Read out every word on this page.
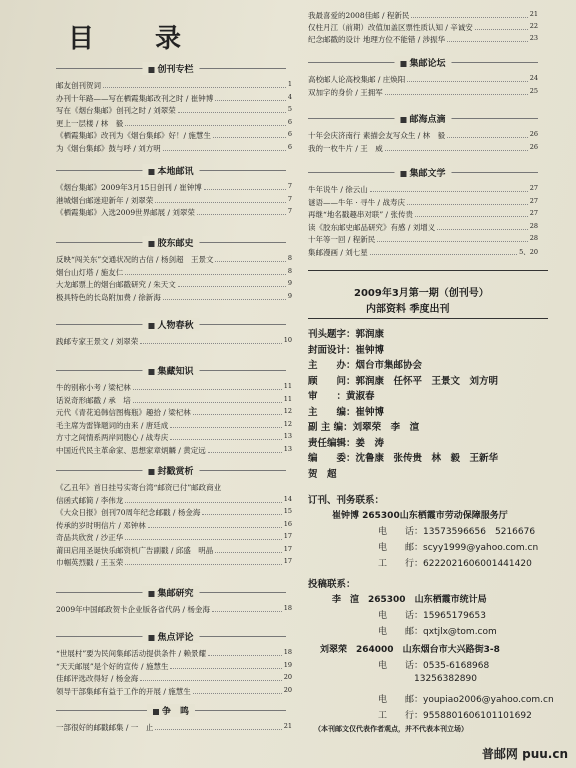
目 录
创刊专栏
邮友创刊贺词	1
办刊十年路——写在栖霞集邮改刊之时 / 崔钟博	4
写在《烟台集邮》创刊之时 / 刘翠荣	5
更上一层楼 / 林　毅	6
《栖霞集邮》改刊为《烟台集邮》好！/ 施慧生	6
为《烟台集邮》鼓与呼 / 刘方明	6
本地邮讯
《烟台集邮》2009年3月15日创刊 / 崔钟博	7
港城烟台邮迷迎新年 / 刘翠荣	7
《栖霞集邮》入选2009世界邮展 / 刘翠荣	7
胶东邮史
反映“闯关东”交通状况的古信 / 杨剑超　王景文	8
烟台山灯塔 / 施友仁	8
大龙邮票上的烟台邮戳研究 / 朱天文	9
极具特色的长岛附加费 / 徐新海	9
人物春秋
践邮专家王景文 / 刘翠荣	10
集藏知识
牛的别称小考 / 梁杞林	11
话说奇形邮戳 / 承　培	11
元代《青花追韩信图梅瓶》趣拾 / 梁杞林	12
毛主席为雷锋题词的由来 / 唐廷成	12
方寸之间情系两岸同胞心 / 战寿庆	13
中国近代民主革命家、思想家章炳麟 / 黄定远	13
封戳赏析
《乙丑年》首日挂号实寄台湾“邮资已付”邮政商业
信函式邮简 / 李伟龙	14
《大众日报》创刊70周年纪念邮戳 / 杨金海	15
传承的岁时明信片 / 邓钟林	16
奇品共欣赏 / 沙正华	17
莆田启用圣诞快乐邮资机广告副戳 / 邱盛　明晶	17
巾帼英烈戳 / 王玉荣	17
集邮研究
2009年中国邮政贺卡企业版各省代码 / 杨金海	18
焦点评论
“世展村”要为民间集邮活动提供条件 / 赖景耀	18
“天天邮展”是个好的宣传 / 施慧生	19
佳邮评选改得好 / 杨金海	20
领导干部集邮有益于工作的开展 / 施慧生	20
争　鸣
一部很好的邮戳邮集 / 一　止	21
我最喜爱的2008佳邮 / 程新民	21
仅柱月江（前期）改值加盖区票性质认知 / 辛诚安	22
纪念邮戳的设计 地理方位不能错 / 涉振华	23
集邮论坛
高校邮人论高校集邮 / 庄焕阳	24
双加字的身价 / 王拥军	25
邮海点滴
十年会庆济南行 素描会友写众生 / 林　毅	26
我的一枚牛片 / 王　威	26
集邮文学
牛年说牛 / 徐云山	27
谜语——牛年 · 寻牛 / 战寿庆	27
再继“地名戳趣串对联” / 张传贵	27
读《胶东邮史邮品研究》有感 / 刘增义	28
十年等一回 / 程新民	28
集邮漫画 / 刘七星	5、20
2009年3月第一期（创刊号）
内部资料 季度出刊
刊头题字：郭润康
封面设计：崔钟博
主　　办：烟台市集邮协会
顾　　问：郭润康　任怀平　王景文　刘方明
审　　：黄淑春
主　　编：崔钟博
副 主 编：刘翠荣　李　渲
责任编辑：姜　涛
编　　委：沈鲁康　张传贵　林　毅　王新华
贺　超
订刊、刊务联系：
崔钟博 265300山东栖霞市劳动保障服务厅
电　　话：13573596656　5216676
电　　邮：scyy1999@yahoo.com.cn
工　　行：6222021606001441420
投稿联系：
李　渲　265300　山东栖霞市统计局
电　　话：15965179653
电　　邮：qxtjlx@tom.com
刘翠荣　264000　山东烟台市大兴路街3-8
电　　话：0535-6168968
13256382890
电　　邮：youpiao2006@yahoo.com.cn
工　　行：9558801606101101692
（本刊邮文仅代表作者观点，并不代表本刊立场）
普邮网 puu.cn
